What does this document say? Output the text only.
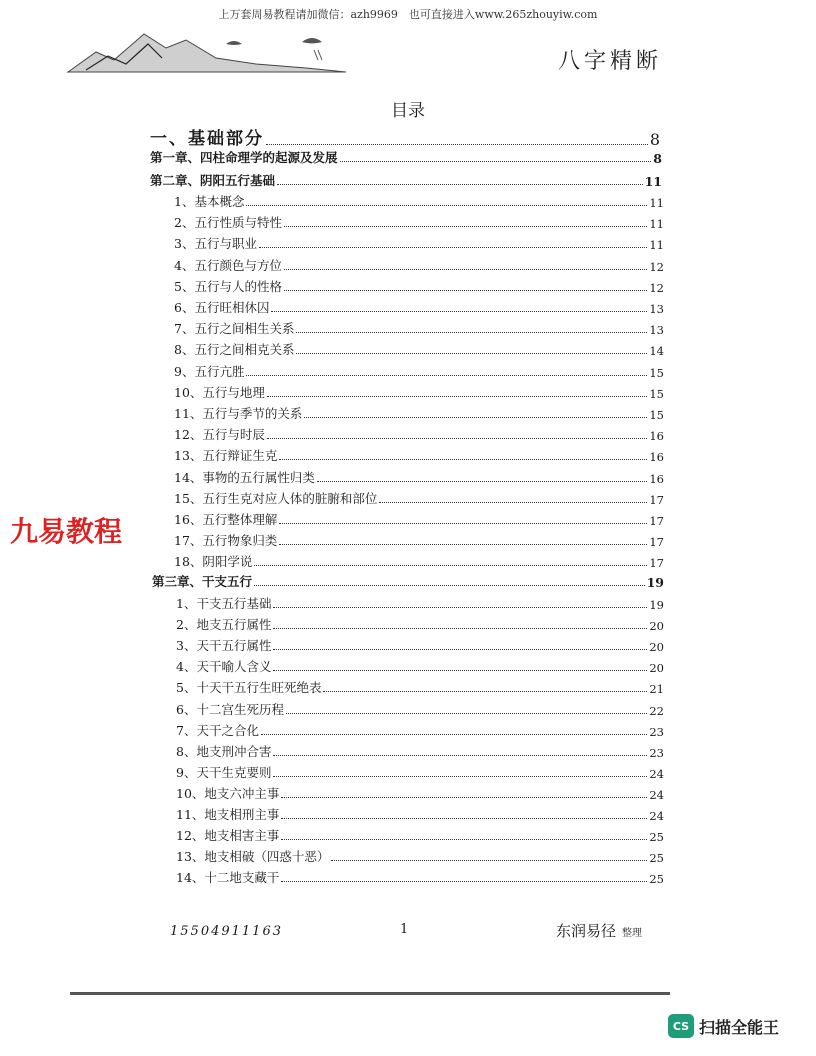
上万套周易教程请加微信：azh9969　也可直接进入www.265zhouyiw.com
八字精断
目录
一、基础部分	8
第一章、四柱命理学的起源及发展	8
第二章、阴阳五行基础	11
1、基本概念	11
2、五行性质与特性	11
3、五行与职业	11
4、五行颜色与方位	12
5、五行与人的性格	12
6、五行旺相休囚	13
7、五行之间相生关系	13
8、五行之间相克关系	14
9、五行亢胜	15
10、五行与地理	15
11、五行与季节的关系	15
12、五行与时辰	16
13、五行辩证生克	16
14、事物的五行属性归类	16
15、五行生克对应人体的脏腑和部位	17
16、五行整体理解	17
17、五行物象归类	17
18、阴阳学说	17
第三章、干支五行	19
1、干支五行基础	19
2、地支五行属性	20
3、天干五行属性	20
4、天干喻人含义	20
5、十天干五行生旺死绝表	21
6、十二宫生死历程	22
7、天干之合化	23
8、地支刑冲合害	23
9、天干生克要则	24
10、地支六冲主事	24
11、地支相刑主事	24
12、地支相害主事	25
13、地支相破（四惑十恶）	25
14、十二地支藏干	25
九易教程
15504911163	1	东润易径 整理
CS 扫描全能王
